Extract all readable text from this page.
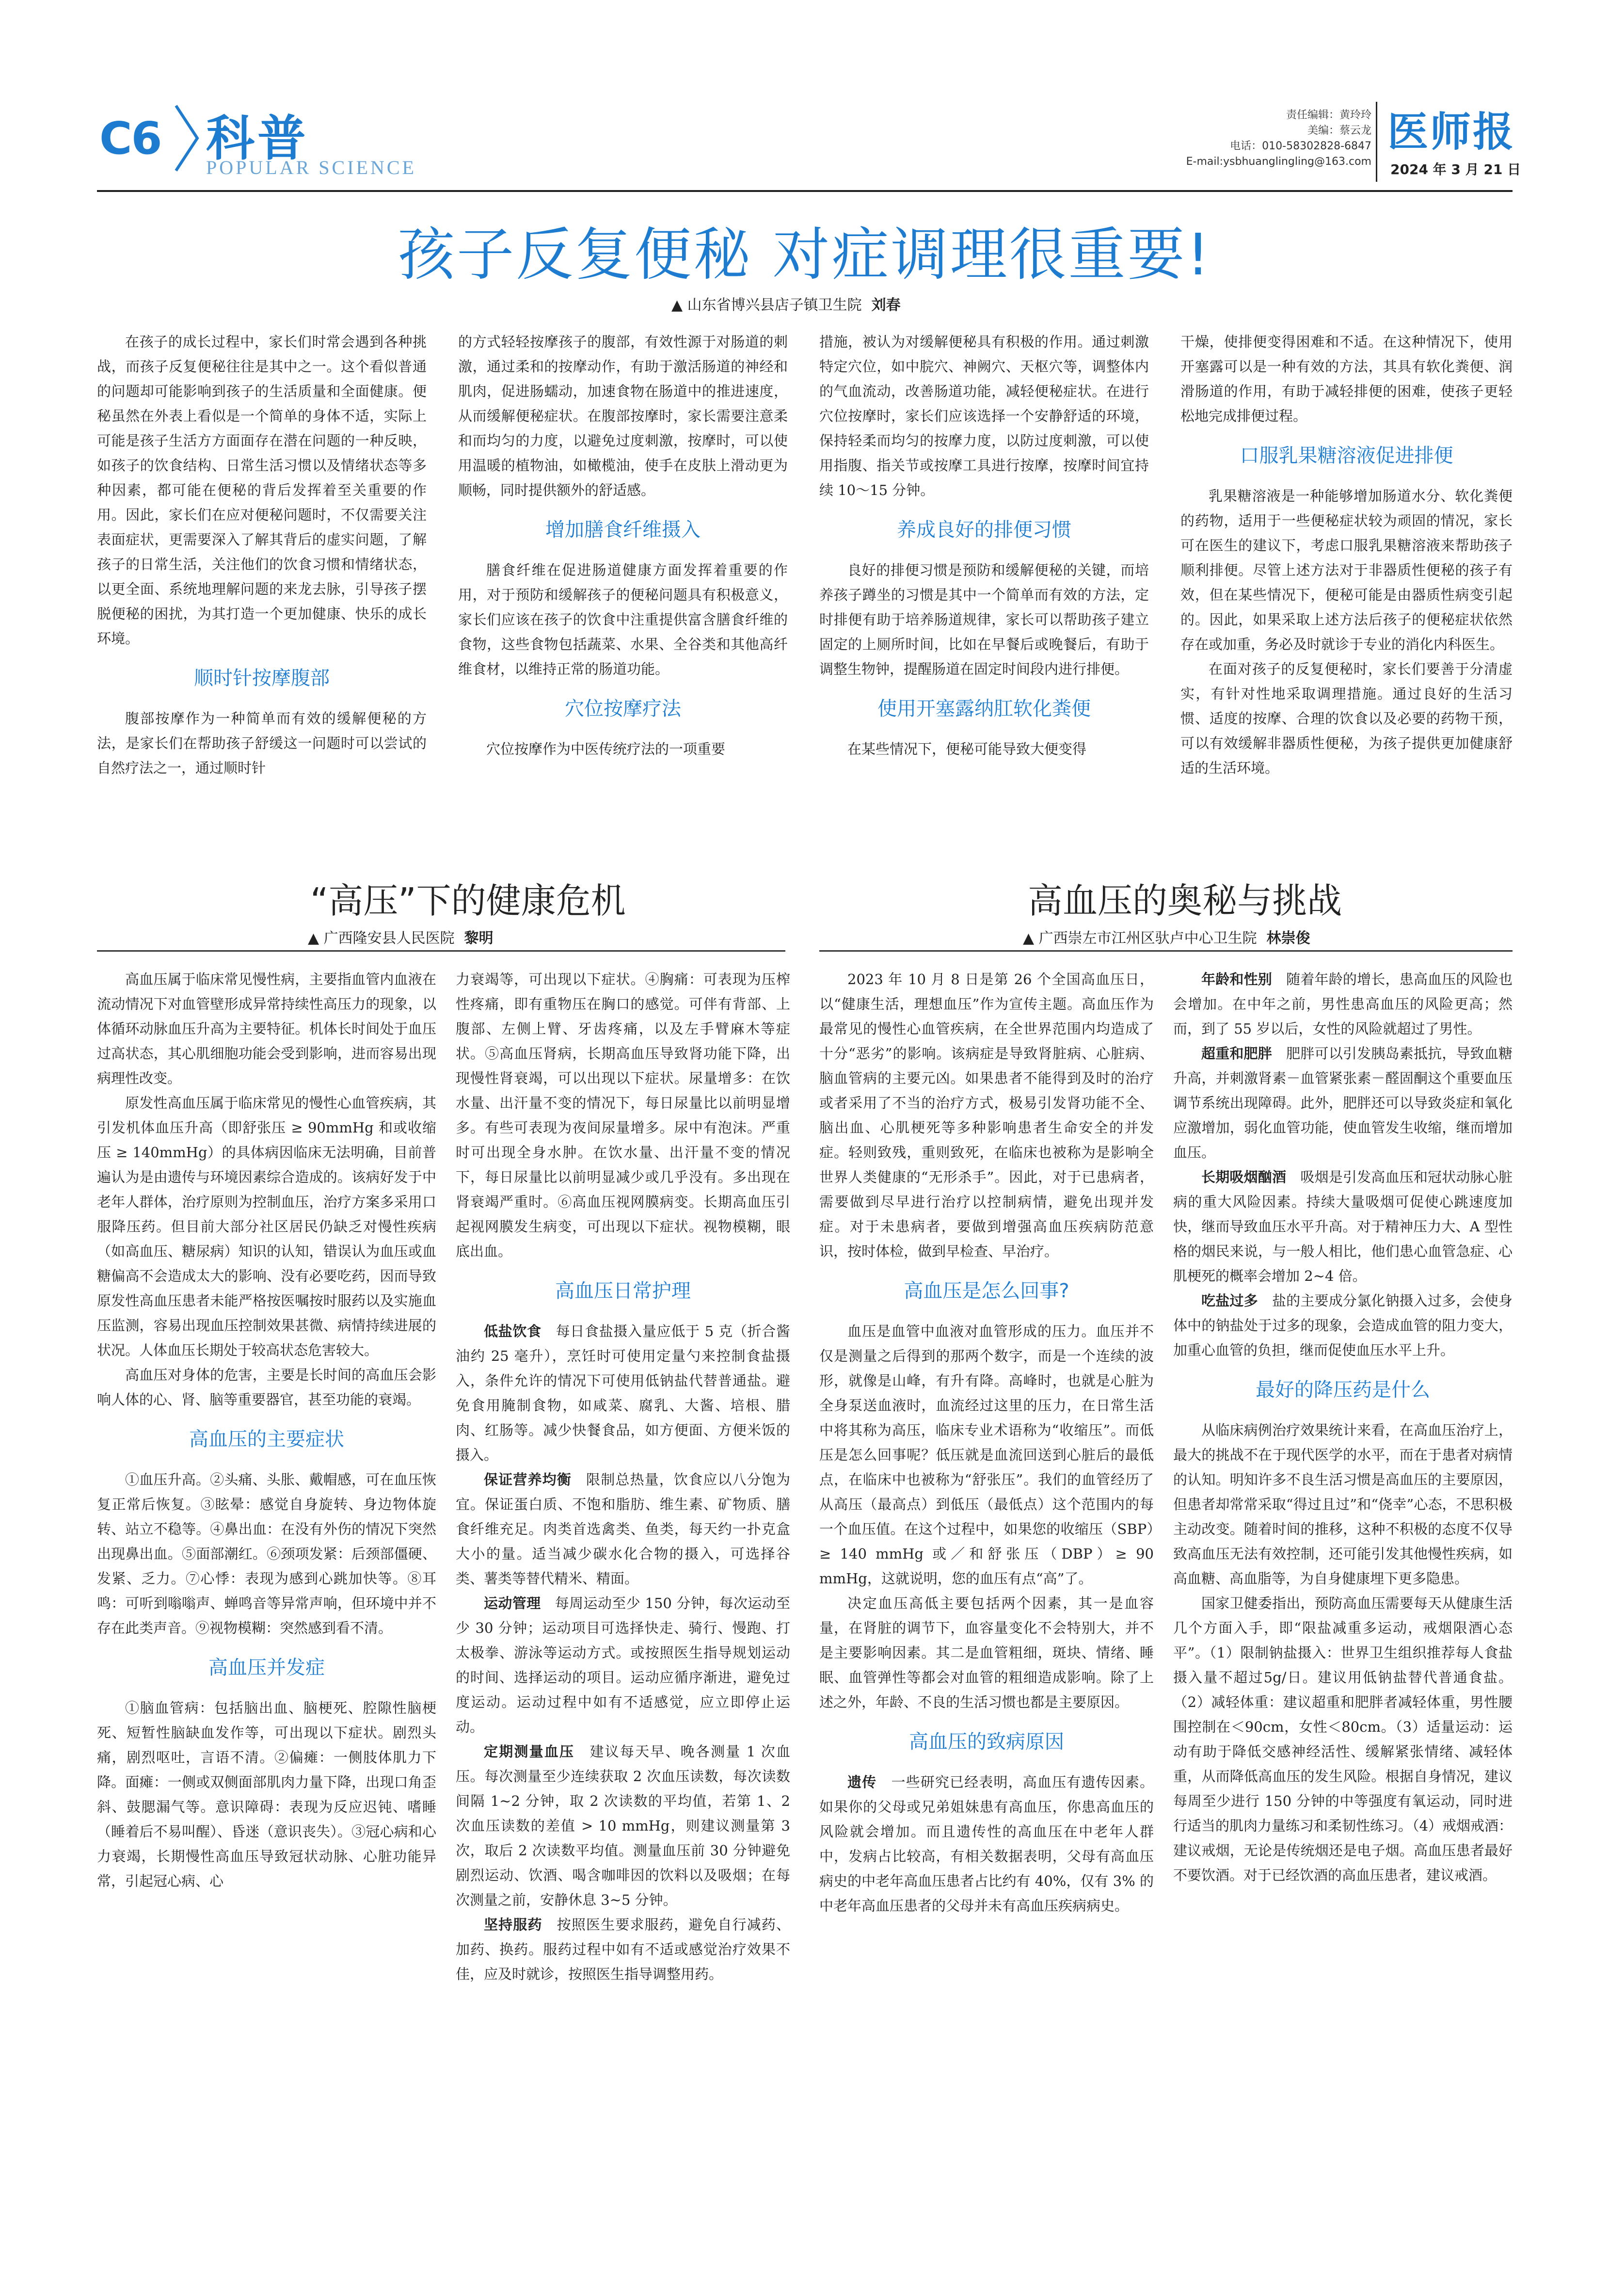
C6 科普
POPULAR SCIENCE
责任编辑：黄玲玲
美编：蔡云龙
电话：010-58302828-6847
E-mail:ysbhuanglingling@163.com
医师报
2024 年 3 月 21 日
孩子反复便秘 对症调理很重要!
▲ 山东省博兴县店子镇卫生院 刘春

在孩子的成长过程中，家长们时常会遇到各种挑战，而孩子反复便秘往往是其中之一。这个看似普通的问题却可能影响到孩子的生活质量和全面健康。便秘虽然在外表上看似是一个简单的身体不适，实际上可能是孩子生活方方面面存在潜在问题的一种反映，如孩子的饮食结构、日常生活习惯以及情绪状态等多种因素，都可能在便秘的背后发挥着至关重要的作用。因此，家长们在应对便秘问题时，不仅需要关注表面症状，更需要深入了解其背后的虚实问题，了解孩子的日常生活，关注他们的饮食习惯和情绪状态，以更全面、系统地理解问题的来龙去脉，引导孩子摆脱便秘的困扰，为其打造一个更加健康、快乐的成长环境。

顺时针按摩腹部

腹部按摩作为一种简单而有效的缓解便秘的方法，是家长们在帮助孩子舒缓这一问题时可以尝试的自然疗法之一，通过顺时针

的方式轻轻按摩孩子的腹部，有效性源于对肠道的刺激，通过柔和的按摩动作，有助于激活肠道的神经和肌肉，促进肠蠕动，加速食物在肠道中的推进速度，从而缓解便秘症状。在腹部按摩时，家长需要注意柔和而均匀的力度，以避免过度刺激，按摩时，可以使用温暖的植物油，如橄榄油，使手在皮肤上滑动更为顺畅，同时提供额外的舒适感。

增加膳食纤维摄入

膳食纤维在促进肠道健康方面发挥着重要的作用，对于预防和缓解孩子的便秘问题具有积极意义，家长们应该在孩子的饮食中注重提供富含膳食纤维的食物，这些食物包括蔬菜、水果、全谷类和其他高纤维食材，以维持正常的肠道功能。

穴位按摩疗法

穴位按摩作为中医传统疗法的一项重要

措施，被认为对缓解便秘具有积极的作用。通过刺激特定穴位，如中脘穴、神阙穴、天枢穴等，调整体内的气血流动，改善肠道功能，减轻便秘症状。在进行穴位按摩时，家长们应该选择一个安静舒适的环境，保持轻柔而均匀的按摩力度，以防过度刺激，可以使用指腹、指关节或按摩工具进行按摩，按摩时间宜持续 10～15 分钟。

养成良好的排便习惯

良好的排便习惯是预防和缓解便秘的关键，而培养孩子蹲坐的习惯是其中一个简单而有效的方法，定时排便有助于培养肠道规律，家长可以帮助孩子建立固定的上厕所时间，比如在早餐后或晚餐后，有助于调整生物钟，提醒肠道在固定时间段内进行排便。

使用开塞露纳肛软化粪便

在某些情况下，便秘可能导致大便变得

干燥，使排便变得困难和不适。在这种情况下，使用开塞露可以是一种有效的方法，其具有软化粪便、润滑肠道的作用，有助于减轻排便的困难，使孩子更轻松地完成排便过程。

口服乳果糖溶液促进排便

乳果糖溶液是一种能够增加肠道水分、软化粪便的药物，适用于一些便秘症状较为顽固的情况，家长可在医生的建议下，考虑口服乳果糖溶液来帮助孩子顺利排便。尽管上述方法对于非器质性便秘的孩子有效，但在某些情况下，便秘可能是由器质性病变引起的。因此，如果采取上述方法后孩子的便秘症状依然存在或加重，务必及时就诊于专业的消化内科医生。

在面对孩子的反复便秘时，家长们要善于分清虚实，有针对性地采取调理措施。通过良好的生活习惯、适度的按摩、合理的饮食以及必要的药物干预，可以有效缓解非器质性便秘，为孩子提供更加健康舒适的生活环境。

“高压”下的健康危机
▲ 广西隆安县人民医院 黎明

高血压属于临床常见慢性病，主要指血管内血液在流动情况下对血管壁形成异常持续性高压力的现象，以体循环动脉血压升高为主要特征。机体长时间处于血压过高状态，其心肌细胞功能会受到影响，进而容易出现病理性改变。

原发性高血压属于临床常见的慢性心血管疾病，其引发机体血压升高（即舒张压 ≥ 90mmHg 和或收缩压 ≥ 140mmHg）的具体病因临床无法明确，目前普遍认为是由遗传与环境因素综合造成的。该病好发于中老年人群体，治疗原则为控制血压，治疗方案多采用口服降压药。但目前大部分社区居民仍缺乏对慢性疾病（如高血压、糖尿病）知识的认知，错误认为血压或血糖偏高不会造成太大的影响、没有必要吃药，因而导致原发性高血压患者未能严格按医嘱按时服药以及实施血压监测，容易出现血压控制效果甚微、病情持续进展的状况。人体血压长期处于较高状态危害较大。

高血压对身体的危害，主要是长时间的高血压会影响人体的心、肾、脑等重要器官，甚至功能的衰竭。

高血压的主要症状

①血压升高。②头痛、头胀、戴帽感，可在血压恢复正常后恢复。③眩晕：感觉自身旋转、身边物体旋转、站立不稳等。④鼻出血：在没有外伤的情况下突然出现鼻出血。⑤面部潮红。⑥颈项发紧：后颈部僵硬、发紧、乏力。⑦心悸：表现为感到心跳加快等。⑧耳鸣：可听到嗡嗡声、蝉鸣音等异常声响，但环境中并不存在此类声音。⑨视物模糊：突然感到看不清。

高血压并发症

①脑血管病：包括脑出血、脑梗死、腔隙性脑梗死、短暂性脑缺血发作等，可出现以下症状。剧烈头痛，剧烈呕吐，言语不清。②偏瘫：一侧肢体肌力下降。面瘫：一侧或双侧面部肌肉力量下降，出现口角歪斜、鼓腮漏气等。意识障碍：表现为反应迟钝、嗜睡（睡着后不易叫醒）、昏迷（意识丧失）。③冠心病和心力衰竭，长期慢性高血压导致冠状动脉、心脏功能异常，引起冠心病、心

力衰竭等，可出现以下症状。④胸痛：可表现为压榨性疼痛，即有重物压在胸口的感觉。可伴有背部、上腹部、左侧上臂、牙齿疼痛，以及左手臂麻木等症状。⑤高血压肾病，长期高血压导致肾功能下降，出现慢性肾衰竭，可以出现以下症状。尿量增多：在饮水量、出汗量不变的情况下，每日尿量比以前明显增多。有些可表现为夜间尿量增多。尿中有泡沫。严重时可出现全身水肿。在饮水量、出汗量不变的情况下，每日尿量比以前明显减少或几乎没有。多出现在肾衰竭严重时。⑥高血压视网膜病变。长期高血压引起视网膜发生病变，可出现以下症状。视物模糊，眼底出血。

高血压日常护理

低盐饮食　 每日食盐摄入量应低于 5 克（折合酱油约 25 毫升），烹饪时可使用定量勺来控制食盐摄入，条件允许的情况下可使用低钠盐代替普通盐。避免食用腌制食物，如咸菜、腐乳、大酱、培根、腊肉、红肠等。减少快餐食品，如方便面、方便米饭的摄入。

保证营养均衡　 限制总热量，饮食应以八分饱为宜。保证蛋白质、不饱和脂肪、维生素、矿物质、膳食纤维充足。肉类首选禽类、鱼类，每天约一扑克盒大小的量。适当减少碳水化合物的摄入，可选择谷类、薯类等替代精米、精面。

运动管理　 每周运动至少 150 分钟，每次运动至少 30 分钟；运动项目可选择快走、骑行、慢跑、打太极拳、游泳等运动方式。或按照医生指导规划运动的时间、选择运动的项目。运动应循序渐进，避免过度运动。运动过程中如有不适感觉，应立即停止运动。

定期测量血压　 建议每天早、晚各测量 1 次血压。每次测量至少连续获取 2 次血压读数，每次读数间隔 1~2 分钟，取 2 次读数的平均值，若第 1、2 次血压读数的差值 > 10 mmHg，则建议测量第 3 次，取后 2 次读数平均值。测量血压前 30 分钟避免剧烈运动、饮酒、喝含咖啡因的饮料以及吸烟；在每次测量之前，安静休息 3~5 分钟。

坚持服药　 按照医生要求服药，避免自行减药、加药、换药。服药过程中如有不适或感觉治疗效果不佳，应及时就诊，按照医生指导调整用药。

高血压的奥秘与挑战
▲ 广西崇左市江州区驮卢中心卫生院 林崇俊

2023 年 10 月 8 日是第 26 个全国高血压日，以“健康生活，理想血压”作为宣传主题。高血压作为最常见的慢性心血管疾病，在全世界范围内均造成了十分“恶劣”的影响。该病症是导致肾脏病、心脏病、脑血管病的主要元凶。如果患者不能得到及时的治疗或者采用了不当的治疗方式，极易引发肾功能不全、脑出血、心肌梗死等多种影响患者生命安全的并发症。轻则致残，重则致死，在临床也被称为是影响全世界人类健康的“无形杀手”。因此，对于已患病者，需要做到尽早进行治疗以控制病情，避免出现并发症。对于未患病者，要做到增强高血压疾病防范意识，按时体检，做到早检查、早治疗。

高血压是怎么回事?

血压是血管中血液对血管形成的压力。血压并不仅是测量之后得到的那两个数字，而是一个连续的波形，就像是山峰，有升有降。高峰时，也就是心脏为全身泵送血液时，血流经过这里的压力，在日常生活中将其称为高压，临床专业术语称为“收缩压”。而低压是怎么回事呢？低压就是血流回送到心脏后的最低点，在临床中也被称为“舒张压”。我们的血管经历了从高压（最高点）到低压（最低点）这个范围内的每一个血压值。在这个过程中，如果您的收缩压（SBP）≥ 140 mmHg 或／和舒张压（DBP）≥ 90 mmHg，这就说明，您的血压有点“高”了。

决定血压高低主要包括两个因素，其一是血容量，在肾脏的调节下，血容量变化不会特别大，并不是主要影响因素。其二是血管粗细，斑块、情绪、睡眠、血管弹性等都会对血管的粗细造成影响。除了上述之外，年龄、不良的生活习惯也都是主要原因。

高血压的致病原因

遗传　 一些研究已经表明，高血压有遗传因素。如果你的父母或兄弟姐妹患有高血压，你患高血压的风险就会增加。而且遗传性的高血压在中老年人群中，发病占比较高，有相关数据表明，父母有高血压病史的中老年高血压患者占比约有 40%，仅有 3% 的中老年高血压患者的父母并未有高血压疾病病史。

年龄和性别　 随着年龄的增长，患高血压的风险也会增加。在中年之前，男性患高血压的风险更高；然而，到了 55 岁以后，女性的风险就超过了男性。

超重和肥胖　 肥胖可以引发胰岛素抵抗，导致血糖升高，并刺激肾素－血管紧张素－醛固酮这个重要血压调节系统出现障碍。此外，肥胖还可以导致炎症和氧化应激增加，弱化血管功能，使血管发生收缩，继而增加血压。

长期吸烟酗酒　 吸烟是引发高血压和冠状动脉心脏病的重大风险因素。持续大量吸烟可促使心跳速度加快，继而导致血压水平升高。对于精神压力大、A 型性格的烟民来说，与一般人相比，他们患心血管急症、心肌梗死的概率会增加 2~4 倍。

吃盐过多　 盐的主要成分氯化钠摄入过多，会使身体中的钠盐处于过多的现象，会造成血管的阻力变大，加重心血管的负担，继而促使血压水平上升。

最好的降压药是什么

从临床病例治疗效果统计来看，在高血压治疗上，最大的挑战不在于现代医学的水平，而在于患者对病情的认知。明知许多不良生活习惯是高血压的主要原因，但患者却常常采取“得过且过”和“侥幸”心态，不思积极主动改变。随着时间的推移，这种不积极的态度不仅导致高血压无法有效控制，还可能引发其他慢性疾病，如高血糖、高血脂等，为自身健康埋下更多隐患。

国家卫健委指出，预防高血压需要每天从健康生活几个方面入手，即“限盐减重多运动，戒烟限酒心态平”。（1）限制钠盐摄入：世界卫生组织推荐每人食盐摄入量不超过5g/日。建议用低钠盐替代普通食盐。（2）减轻体重：建议超重和肥胖者减轻体重，男性腰围控制在＜90cm，女性＜80cm。（3）适量运动：运动有助于降低交感神经活性、缓解紧张情绪、减轻体重，从而降低高血压的发生风险。根据自身情况，建议每周至少进行 150 分钟的中等强度有氧运动，同时进行适当的肌肉力量练习和柔韧性练习。（4）戒烟戒酒：建议戒烟，无论是传统烟还是电子烟。高血压患者最好不要饮酒。对于已经饮酒的高血压患者，建议戒酒。
